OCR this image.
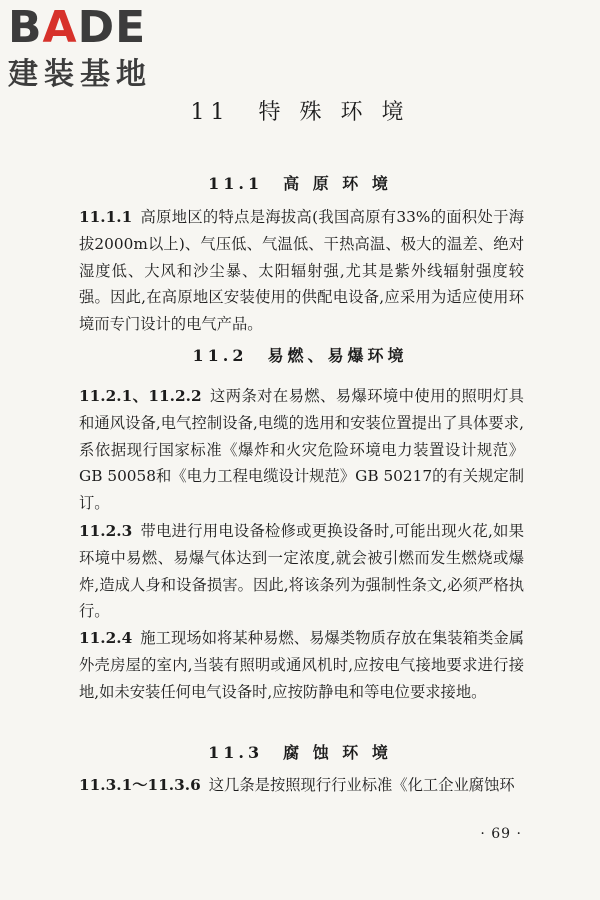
BADE
建装基地
11　特 殊 环 境
11.1　高 原 环 境

11.1.1 高原地区的特点是海拔高(我国高原有33%的面积处于海拔2000m以上)、气压低、气温低、干热高温、极大的温差、绝对湿度低、大风和沙尘暴、太阳辐射强,尤其是紫外线辐射强度较强。因此,在高原地区安装使用的供配电设备,应采用为适应使用环境而专门设计的电气产品。

11.2　易燃、易爆环境

11.2.1、11.2.2 这两条对在易燃、易爆环境中使用的照明灯具和通风设备,电气控制设备,电缆的选用和安装位置提出了具体要求,系依据现行国家标准《爆炸和火灾危险环境电力装置设计规范》GB 50058和《电力工程电缆设计规范》GB 50217的有关规定制订。

11.2.3 带电进行用电设备检修或更换设备时,可能出现火花,如果环境中易燃、易爆气体达到一定浓度,就会被引燃而发生燃烧或爆炸,造成人身和设备损害。因此,将该条列为强制性条文,必须严格执行。

11.2.4 施工现场如将某种易燃、易爆类物质存放在集装箱类金属外壳房屋的室内,当装有照明或通风机时,应按电气接地要求进行接地,如未安装任何电气设备时,应按防静电和等电位要求接地。

11.3　腐 蚀 环 境

11.3.1～11.3.6 这几条是按照现行行业标准《化工企业腐蚀环

· 69 ·
